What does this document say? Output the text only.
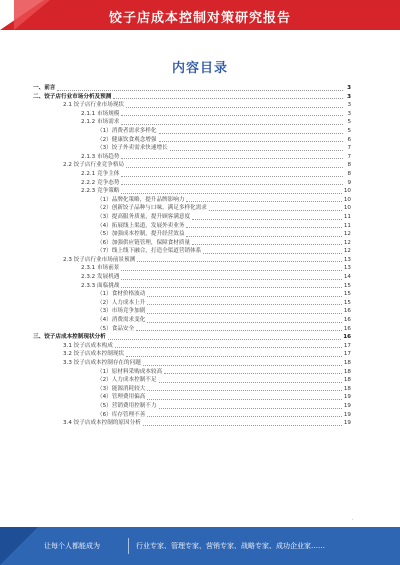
饺子店成本控制对策研究报告
内容目录
一、前言	3
二、饺子店行业市场分析及预测	3
2.1 饺子店行业市场现状	3
2.1.1 市场规模	3
2.1.2 市场需求	5
（1）消费者需求多样化	5
（2）健康饮食观念增强	6
（3）饺子外卖需求快速增长	7
2.1.3 市场趋势	7
2.2 饺子店行业竞争格局	8
2.2.1 竞争主体	8
2.2.2 竞争态势	9
2.2.3 竞争策略	10
（1）品牌化策略，提升品牌影响力	10
（2）创新饺子品种与口味，满足多样化需求	10
（3）提高服务质量，提升顾客满意度	11
（4）拓展线上渠道，发展外卖业务	11
（5）加强成本控制，提升经营效益	12
（6）加强供应链管理，保障食材质量	12
（7）线上线下融合，打造全渠道营销体系	12
2.3 饺子店行业市场前景预测	13
2.3.1 市场前景	13
2.3.2 发展机遇	14
2.3.3 面临挑战	15
（1）食材价格波动	15
（2）人力成本上升	15
（3）市场竞争加剧	16
（4）消费需求变化	16
（5）食品安全	16
三、饺子店成本控制现状分析	16
3.1 饺子店成本构成	17
3.2 饺子店成本控制现状	17
3.3 饺子店成本控制存在的问题	18
（1）原材料采购成本较高	18
（2）人力成本控制不足	18
（3）能源消耗较大	18
（4）管理费用偏高	19
（5）营销费用控制不力	19
（6）库存管理不善	19
3.4 饺子店成本控制的原因分析	19
·
让每个人都能成为	行业专家、管理专家、营销专家、战略专家、成功企业家……
